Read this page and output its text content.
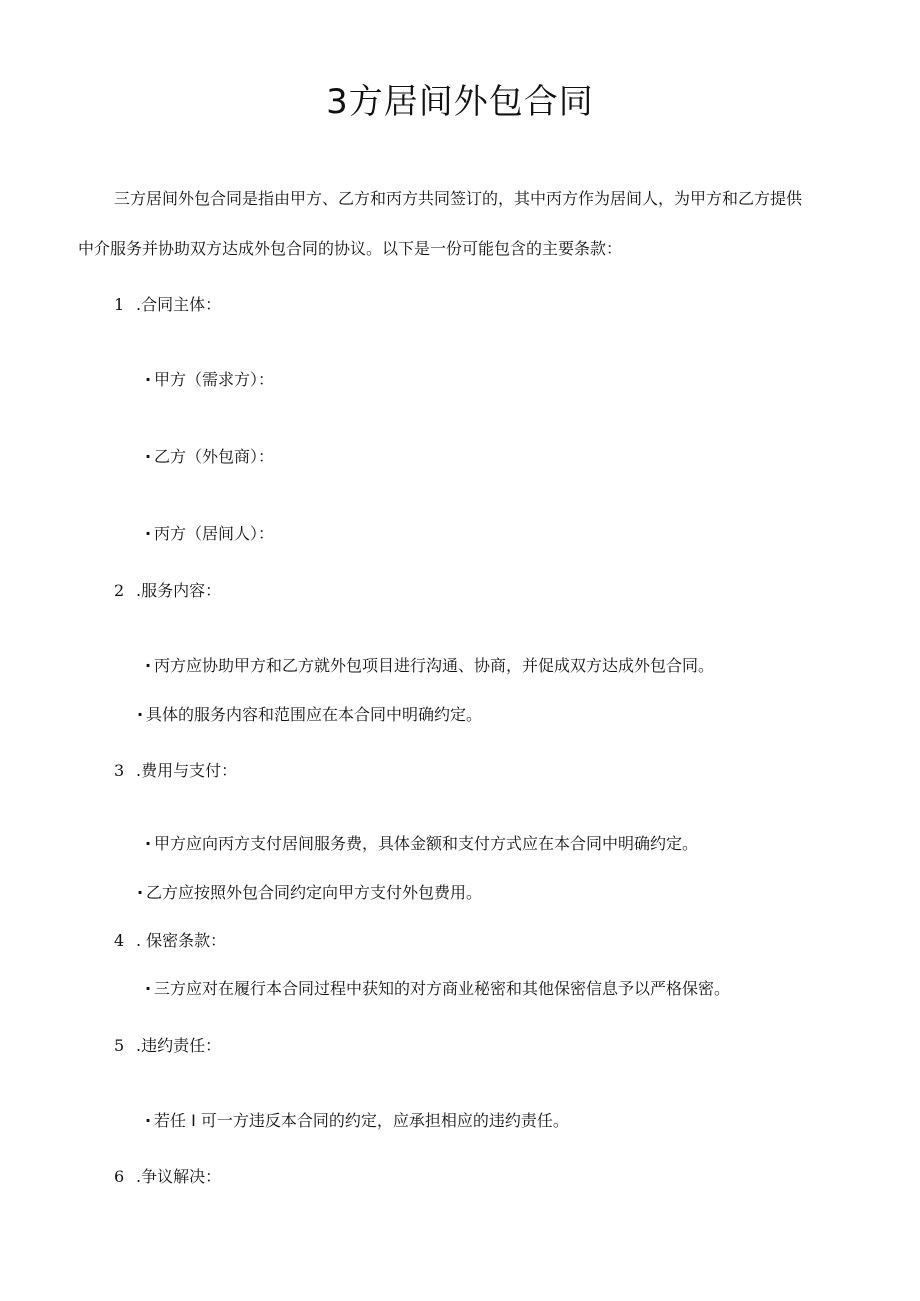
3方居间外包合同
三方居间外包合同是指由甲方、乙方和丙方共同签订的，其中丙方作为居间人，为甲方和乙方提供
中介服务并协助双方达成外包合同的协议。以下是一份可能包含的主要条款：
1 .合同主体：
· 甲方（需求方）：
· 乙方（外包商）：
· 丙方（居间人）：
2 .服务内容：
· 丙方应协助甲方和乙方就外包项目进行沟通、协商，并促成双方达成外包合同。
· 具体的服务内容和范围应在本合同中明确约定。
3 .费用与支付：
· 甲方应向丙方支付居间服务费，具体金额和支付方式应在本合同中明确约定。
· 乙方应按照外包合同约定向甲方支付外包费用。
4 . 保密条款：
· 三方应对在履行本合同过程中获知的对方商业秘密和其他保密信息予以严格保密。
5 .违约责任：
· 若任 I 可一方违反本合同的约定，应承担相应的违约责任。
6 .争议解决：
